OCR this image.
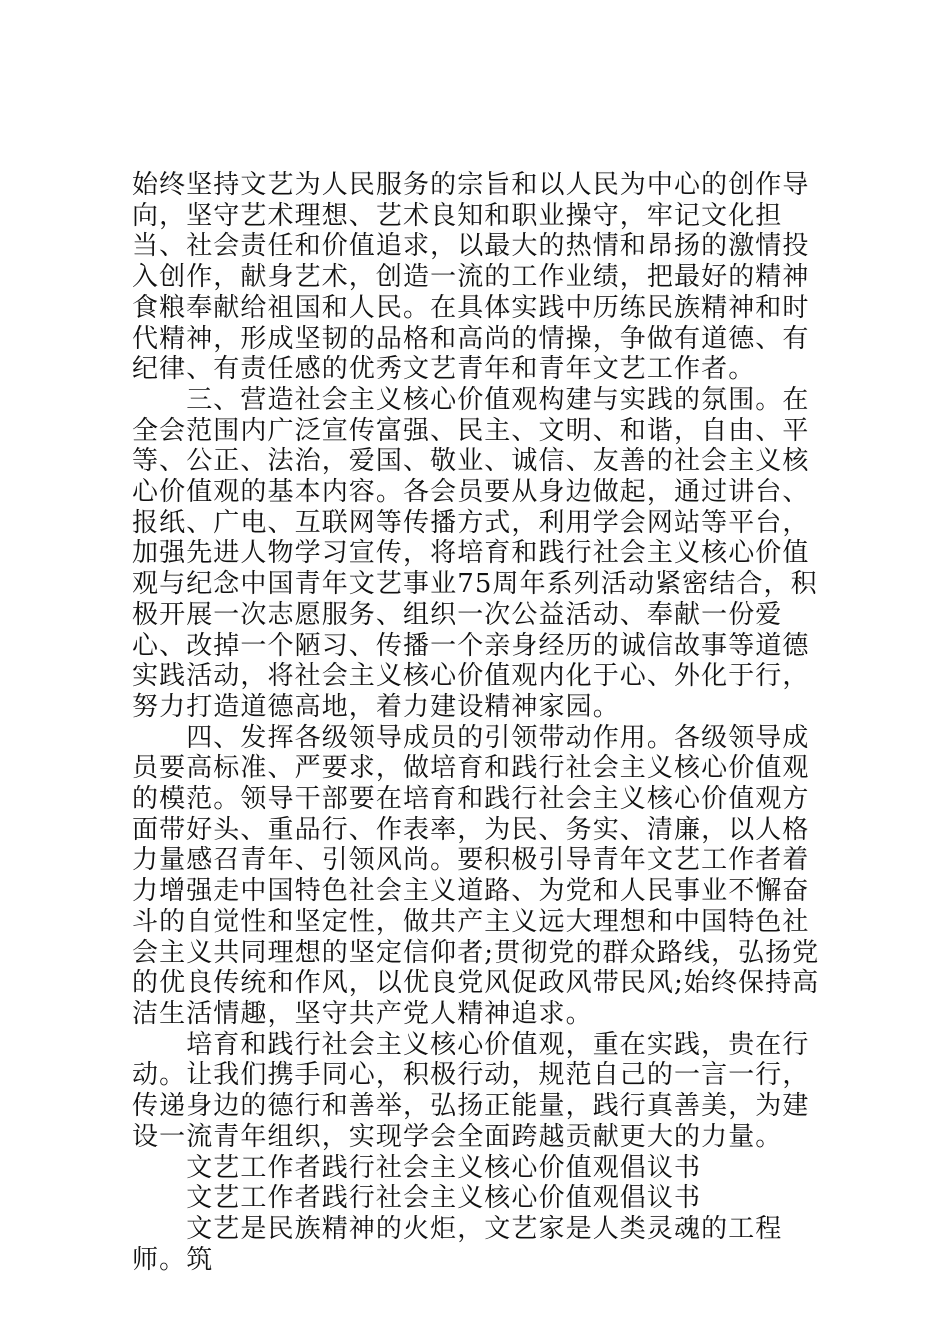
始终坚持文艺为人民服务的宗旨和以人民为中心的创作导向，坚守艺术理想、艺术良知和职业操守，牢记文化担当、社会责任和价值追求，以最大的热情和昂扬的激情投入创作，献身艺术，创造一流的工作业绩，把最好的精神食粮奉献给祖国和人民。在具体实践中历练民族精神和时代精神，形成坚韧的品格和高尚的情操，争做有道德、有纪律、有责任感的优秀文艺青年和青年文艺工作者。

　　三、营造社会主义核心价值观构建与实践的氛围。在全会范围内广泛宣传富强、民主、文明、和谐，自由、平等、公正、法治，爱国、敬业、诚信、友善的社会主义核心价值观的基本内容。各会员要从身边做起，通过讲台、报纸、广电、互联网等传播方式，利用学会网站等平台，加强先进人物学习宣传，将培育和践行社会主义核心价值观与纪念中国青年文艺事业75周年系列活动紧密结合，积极开展一次志愿服务、组织一次公益活动、奉献一份爱心、改掉一个陋习、传播一个亲身经历的诚信故事等道德实践活动，将社会主义核心价值观内化于心、外化于行，努力打造道德高地，着力建设精神家园。

　　四、发挥各级领导成员的引领带动作用。各级领导成员要高标准、严要求，做培育和践行社会主义核心价值观的模范。领导干部要在培育和践行社会主义核心价值观方面带好头、重品行、作表率，为民、务实、清廉，以人格力量感召青年、引领风尚。要积极引导青年文艺工作者着力增强走中国特色社会主义道路、为党和人民事业不懈奋斗的自觉性和坚定性，做共产主义远大理想和中国特色社会主义共同理想的坚定信仰者;贯彻党的群众路线，弘扬党的优良传统和作风，以优良党风促政风带民风;始终保持高洁生活情趣，坚守共产党人精神追求。

　　培育和践行社会主义核心价值观，重在实践，贵在行动。让我们携手同心，积极行动，规范自己的一言一行，传递身边的德行和善举，弘扬正能量，践行真善美，为建设一流青年组织，实现学会全面跨越贡献更大的力量。

　　文艺工作者践行社会主义核心价值观倡议书

　　文艺工作者践行社会主义核心价值观倡议书

　　文艺是民族精神的火炬，文艺家是人类灵魂的工程师。筑
